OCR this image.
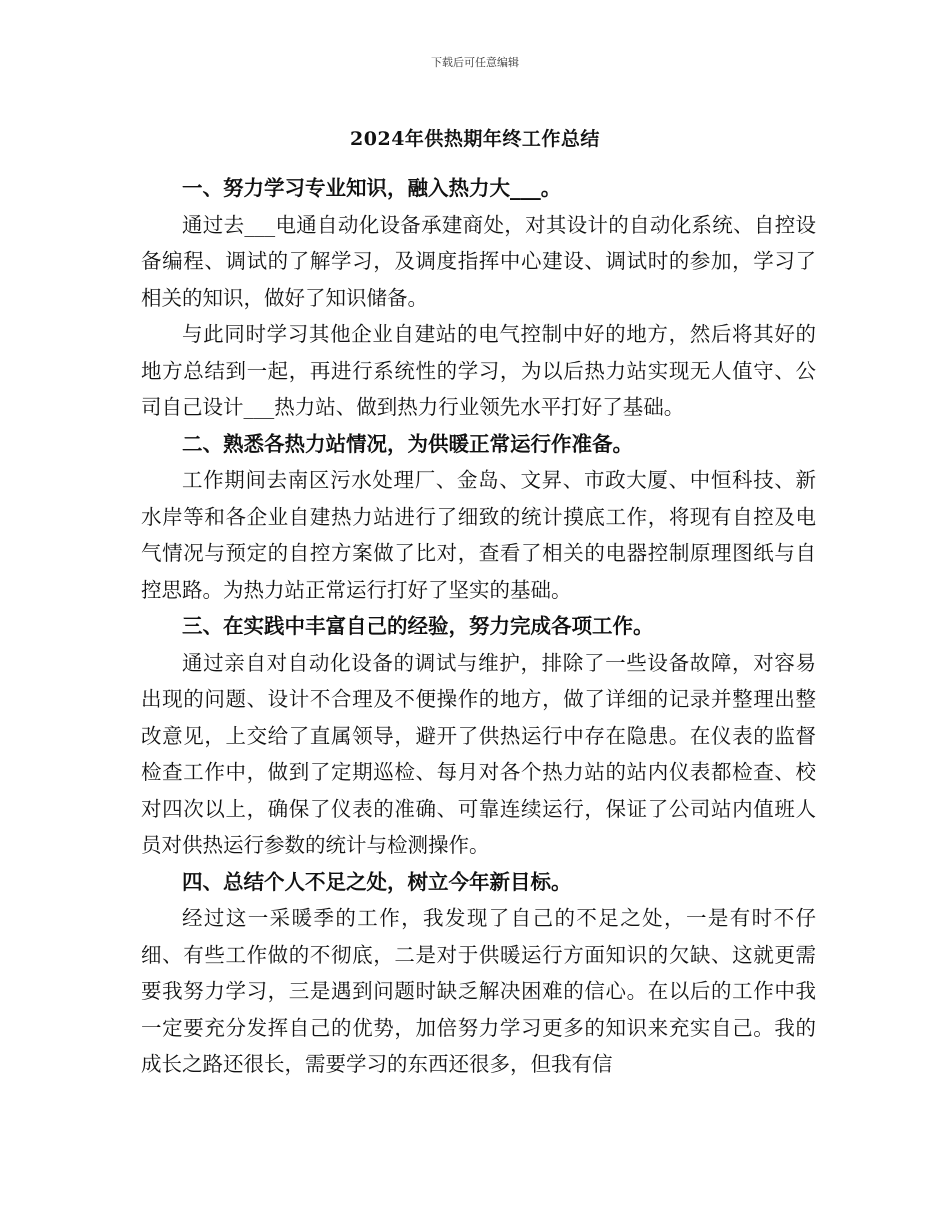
下载后可任意编辑
2024年供热期年终工作总结

一、努力学习专业知识，融入热力大___。

通过去___电通自动化设备承建商处，对其设计的自动化系统、自控设备编程、调试的了解学习，及调度指挥中心建设、调试时的参加，学习了相关的知识，做好了知识储备。

与此同时学习其他企业自建站的电气控制中好的地方，然后将其好的地方总结到一起，再进行系统性的学习，为以后热力站实现无人值守、公司自己设计___热力站、做到热力行业领先水平打好了基础。

二、熟悉各热力站情况，为供暖正常运行作准备。

工作期间去南区污水处理厂、金岛、文昇、市政大厦、中恒科技、新水岸等和各企业自建热力站进行了细致的统计摸底工作，将现有自控及电气情况与预定的自控方案做了比对，查看了相关的电器控制原理图纸与自控思路。为热力站正常运行打好了坚实的基础。

三、在实践中丰富自己的经验，努力完成各项工作。

通过亲自对自动化设备的调试与维护，排除了一些设备故障，对容易出现的问题、设计不合理及不便操作的地方，做了详细的记录并整理出整改意见，上交给了直属领导，避开了供热运行中存在隐患。在仪表的监督检查工作中，做到了定期巡检、每月对各个热力站的站内仪表都检查、校对四次以上，确保了仪表的准确、可靠连续运行，保证了公司站内值班人员对供热运行参数的统计与检测操作。

四、总结个人不足之处，树立今年新目标。

经过这一采暖季的工作，我发现了自己的不足之处，一是有时不仔细、有些工作做的不彻底，二是对于供暖运行方面知识的欠缺、这就更需要我努力学习，三是遇到问题时缺乏解决困难的信心。在以后的工作中我一定要充分发挥自己的优势，加倍努力学习更多的知识来充实自己。我的成长之路还很长，需要学习的东西还很多，但我有信
